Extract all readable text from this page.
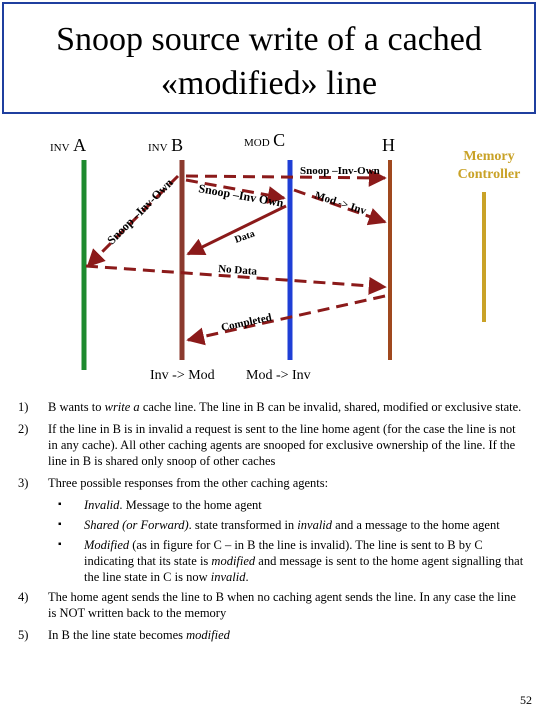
Snoop source write of a cached
«modified» line
INV A	INV B	MOD C	H
Memory
Controller
Snoop –Inv-Own Snoop –Inv Own
Snoop –Inv-Own
Mod -> Inv
Data
No Data
Completed
Inv -> Mod Mod -> Inv
1) B wants to write a cache line. The line in B can be invalid, shared, modified or exclusive state.
2) If the line in B is in invalid a request is sent to the line home agent (for the case the line is not in any cache). All other caching agents are snooped for exclusive ownership of the line. If the line in B is shared only snoop of other caches
3) Three possible responses from the other caching agents:
▪ Invalid. Message to the home agent
▪ Shared (or Forward). state transformed in invalid and a message to the home agent
▪ Modified (as in figure for C – in B the line is invalid). The line is sent to B by C indicating that its state is modified and message is sent to the home agent signalling that the line state in C is now invalid.
4) The home agent sends the line to B when no caching agent sends the line. In any case the line is NOT written back to the memory
5) In B the line state becomes modified
52
